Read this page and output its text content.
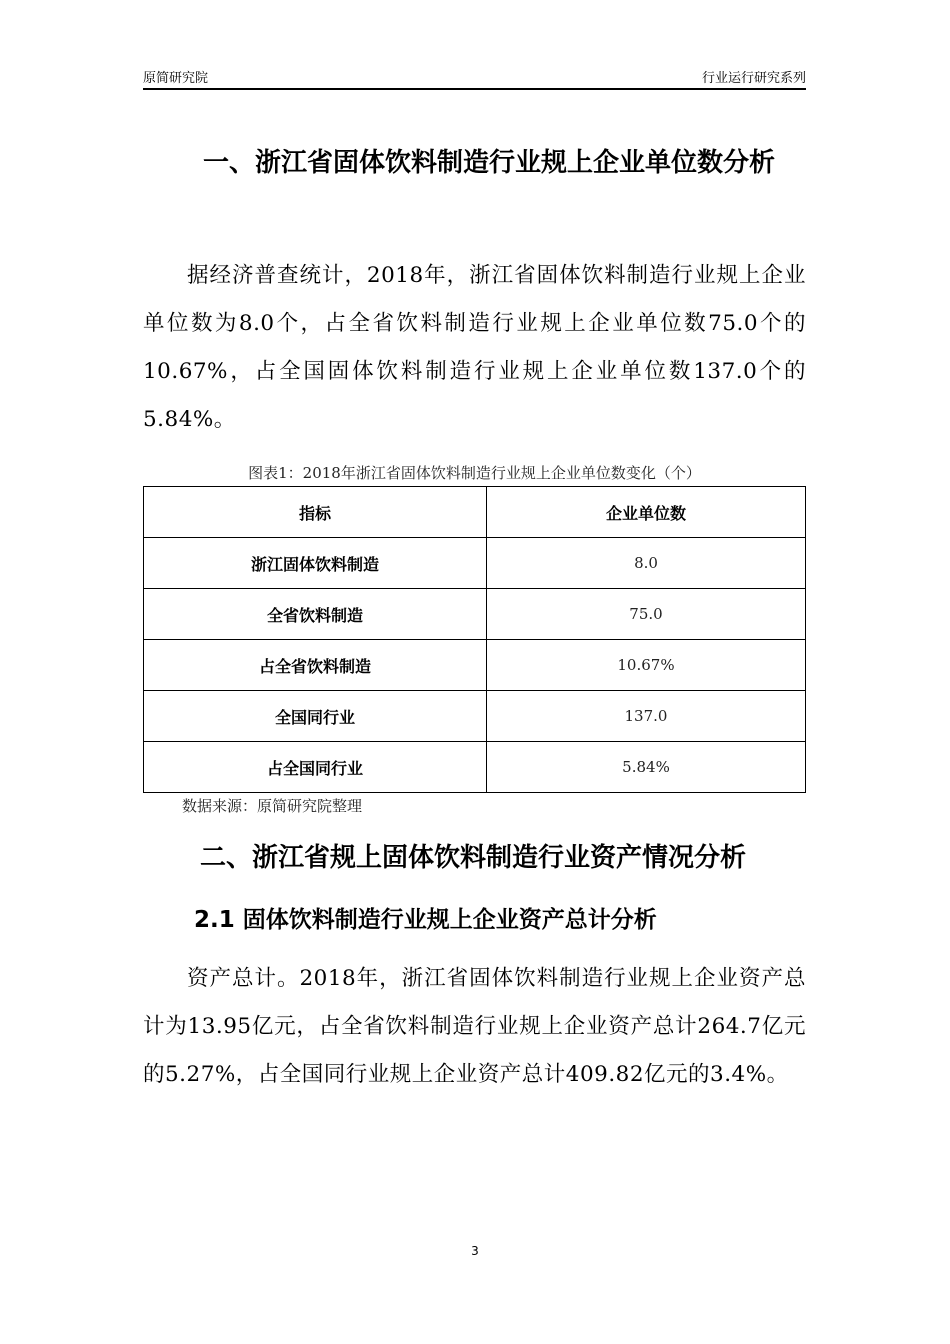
原简研究院	行业运行研究系列
一、浙江省固体饮料制造行业规上企业单位数分析
据经济普查统计，2018年，浙江省固体饮料制造行业规上企业单位数为8.0个，占全省饮料制造行业规上企业单位数75.0个的10.67%，占全国固体饮料制造行业规上企业单位数137.0个的5.84%。
图表1：2018年浙江省固体饮料制造行业规上企业单位数变化（个）
指标	企业单位数
浙江固体饮料制造	8.0
全省饮料制造	75.0
占全省饮料制造	10.67%
全国同行业	137.0
占全国同行业	5.84%
数据来源：原简研究院整理
二、浙江省规上固体饮料制造行业资产情况分析
2.1 固体饮料制造行业规上企业资产总计分析
资产总计。2018年，浙江省固体饮料制造行业规上企业资产总计为13.95亿元，占全省饮料制造行业规上企业资产总计264.7亿元的5.27%，占全国同行业规上企业资产总计409.82亿元的3.4%。
3
